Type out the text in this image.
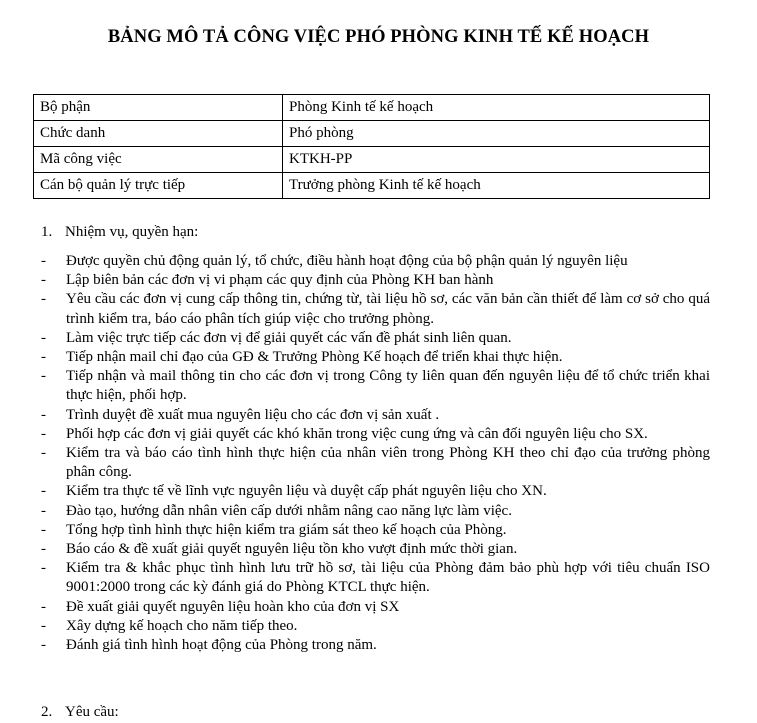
BẢNG MÔ TẢ CÔNG VIỆC PHÓ PHÒNG KINH TẾ KẾ HOẠCH
Bộ phận	Phòng Kinh tế kế hoạch
Chức danh	Phó phòng
Mã công việc	KTKH-PP
Cán bộ quản lý trực tiếp	Trưởng phòng Kinh tế kế hoạch
1. Nhiệm vụ, quyền hạn:
- Được quyền chủ động quản lý, tổ chức, điều hành hoạt động của bộ phận quản lý nguyên liệu
- Lập biên bản các đơn vị vi phạm các quy định của Phòng KH ban hành
- Yêu cầu các đơn vị cung cấp thông tin, chứng từ, tài liệu hồ sơ, các văn bản cần thiết để làm cơ sở cho quá trình kiểm tra, báo cáo phân tích giúp việc cho trưởng phòng.
- Làm việc trực tiếp các đơn vị để giải quyết các vấn đề phát sinh liên quan.
- Tiếp nhận mail chỉ đạo của GĐ & Trưởng Phòng Kế hoạch để triển khai thực hiện.
- Tiếp nhận và mail thông tin cho các đơn vị trong Công ty liên quan đến nguyên liệu để tổ chức triển khai thực hiện, phối hợp.
- Trình duyệt đề xuất mua nguyên liệu cho các đơn vị sản xuất .
- Phối hợp các đơn vị giải quyết các khó khăn trong việc cung ứng và cân đối nguyên liệu cho SX.
- Kiểm tra và báo cáo tình hình thực hiện của nhân viên trong Phòng KH theo chỉ đạo của trưởng phòng phân công.
- Kiểm tra thực tế về lĩnh vực nguyên liệu và duyệt cấp phát nguyên liệu cho XN.
- Đào tạo, hướng dẫn nhân viên cấp dưới nhằm nâng cao năng lực làm việc.
- Tổng hợp tình hình thực hiện kiểm tra giám sát theo kế hoạch của Phòng.
- Báo cáo & đề xuất giải quyết nguyên liệu tồn kho vượt định mức thời gian.
- Kiểm tra & khắc phục tình hình lưu trữ hồ sơ, tài liệu của Phòng đảm bảo phù hợp với tiêu chuẩn ISO 9001:2000 trong các kỳ đánh giá do Phòng KTCL thực hiện.
- Đề xuất giải quyết nguyên liệu hoàn kho của đơn vị SX
- Xây dựng kế hoạch cho năm tiếp theo.
- Đánh giá tình hình hoạt động của Phòng trong năm.
2. Yêu cầu:
